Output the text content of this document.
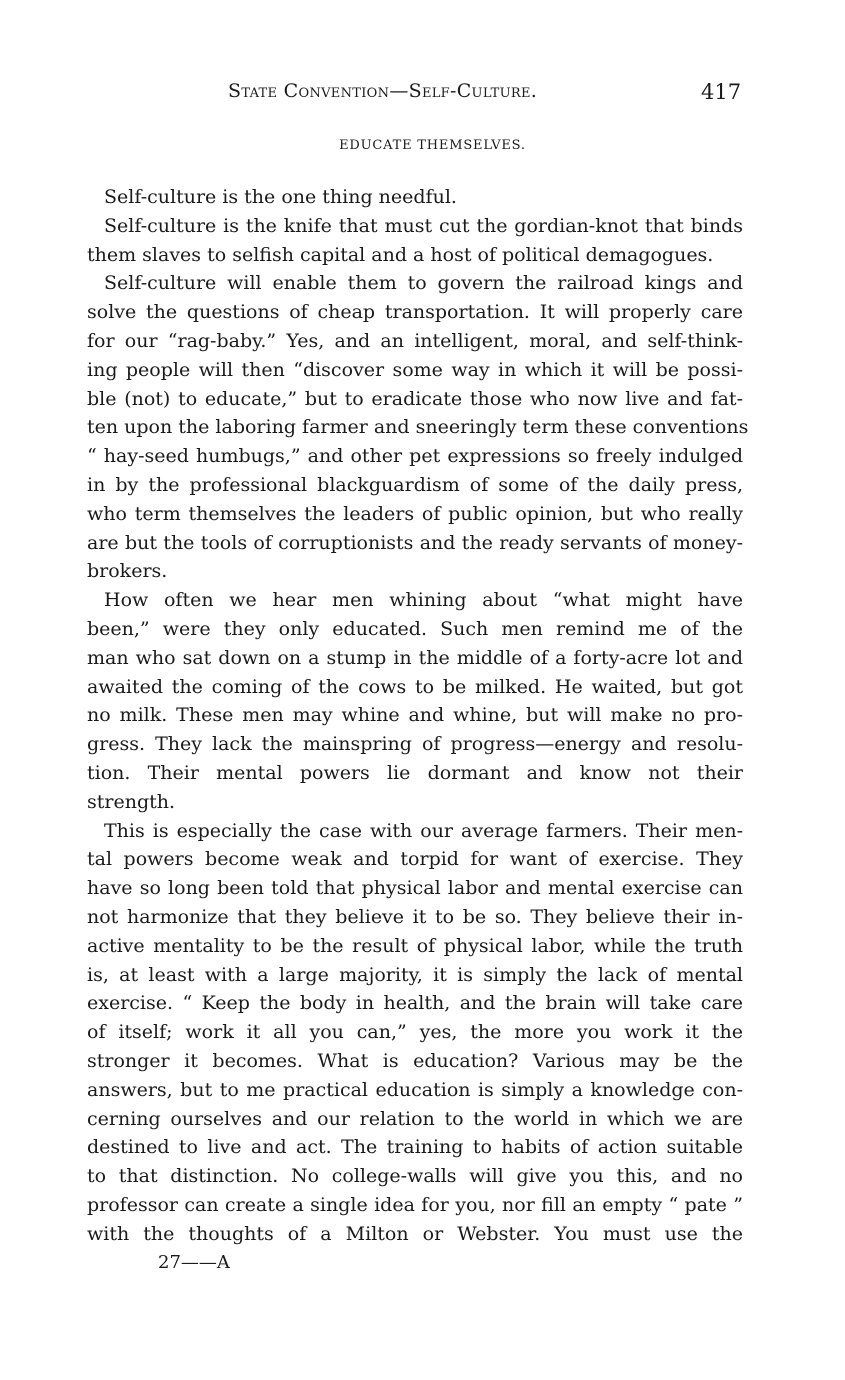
State Convention—Self-Culture.	417
EDUCATE THEMSELVES.
Self-culture is the one thing needful.
Self-culture is the knife that must cut the gordian-knot that binds
them slaves to selfish capital and a host of political demagogues.
Self-culture will enable them to govern the railroad kings and
solve the questions of cheap transportation. It will properly care
for our “rag-baby.” Yes, and an intelligent, moral, and self-think-
ing people will then “discover some way in which it will be possi-
ble (not) to educate,” but to eradicate those who now live and fat-
ten upon the laboring farmer and sneeringly term these conventions
“ hay-seed humbugs,” and other pet expressions so freely indulged
in by the professional blackguardism of some of the daily press,
who term themselves the leaders of public opinion, but who really
are but the tools of corruptionists and the ready servants of money-
brokers.
How often we hear men whining about “what might have
been,” were they only educated. Such men remind me of the
man who sat down on a stump in the middle of a forty-acre lot and
awaited the coming of the cows to be milked. He waited, but got
no milk. These men may whine and whine, but will make no pro-
gress. They lack the mainspring of progress—energy and resolu-
tion. Their mental powers lie dormant and know not their
strength.
This is especially the case with our average farmers. Their men-
tal powers become weak and torpid for want of exercise. They
have so long been told that physical labor and mental exercise can
not harmonize that they believe it to be so. They believe their in-
active mentality to be the result of physical labor, while the truth
is, at least with a large majority, it is simply the lack of mental
exercise. “ Keep the body in health, and the brain will take care
of itself; work it all you can,” yes, the more you work it the
stronger it becomes. What is education? Various may be the
answers, but to me practical education is simply a knowledge con-
cerning ourselves and our relation to the world in which we are
destined to live and act. The training to habits of action suitable
to that distinction. No college-walls will give you this, and no
professor can create a single idea for you, nor fill an empty “ pate ”
with the thoughts of a Milton or Webster. You must use the
27——A
